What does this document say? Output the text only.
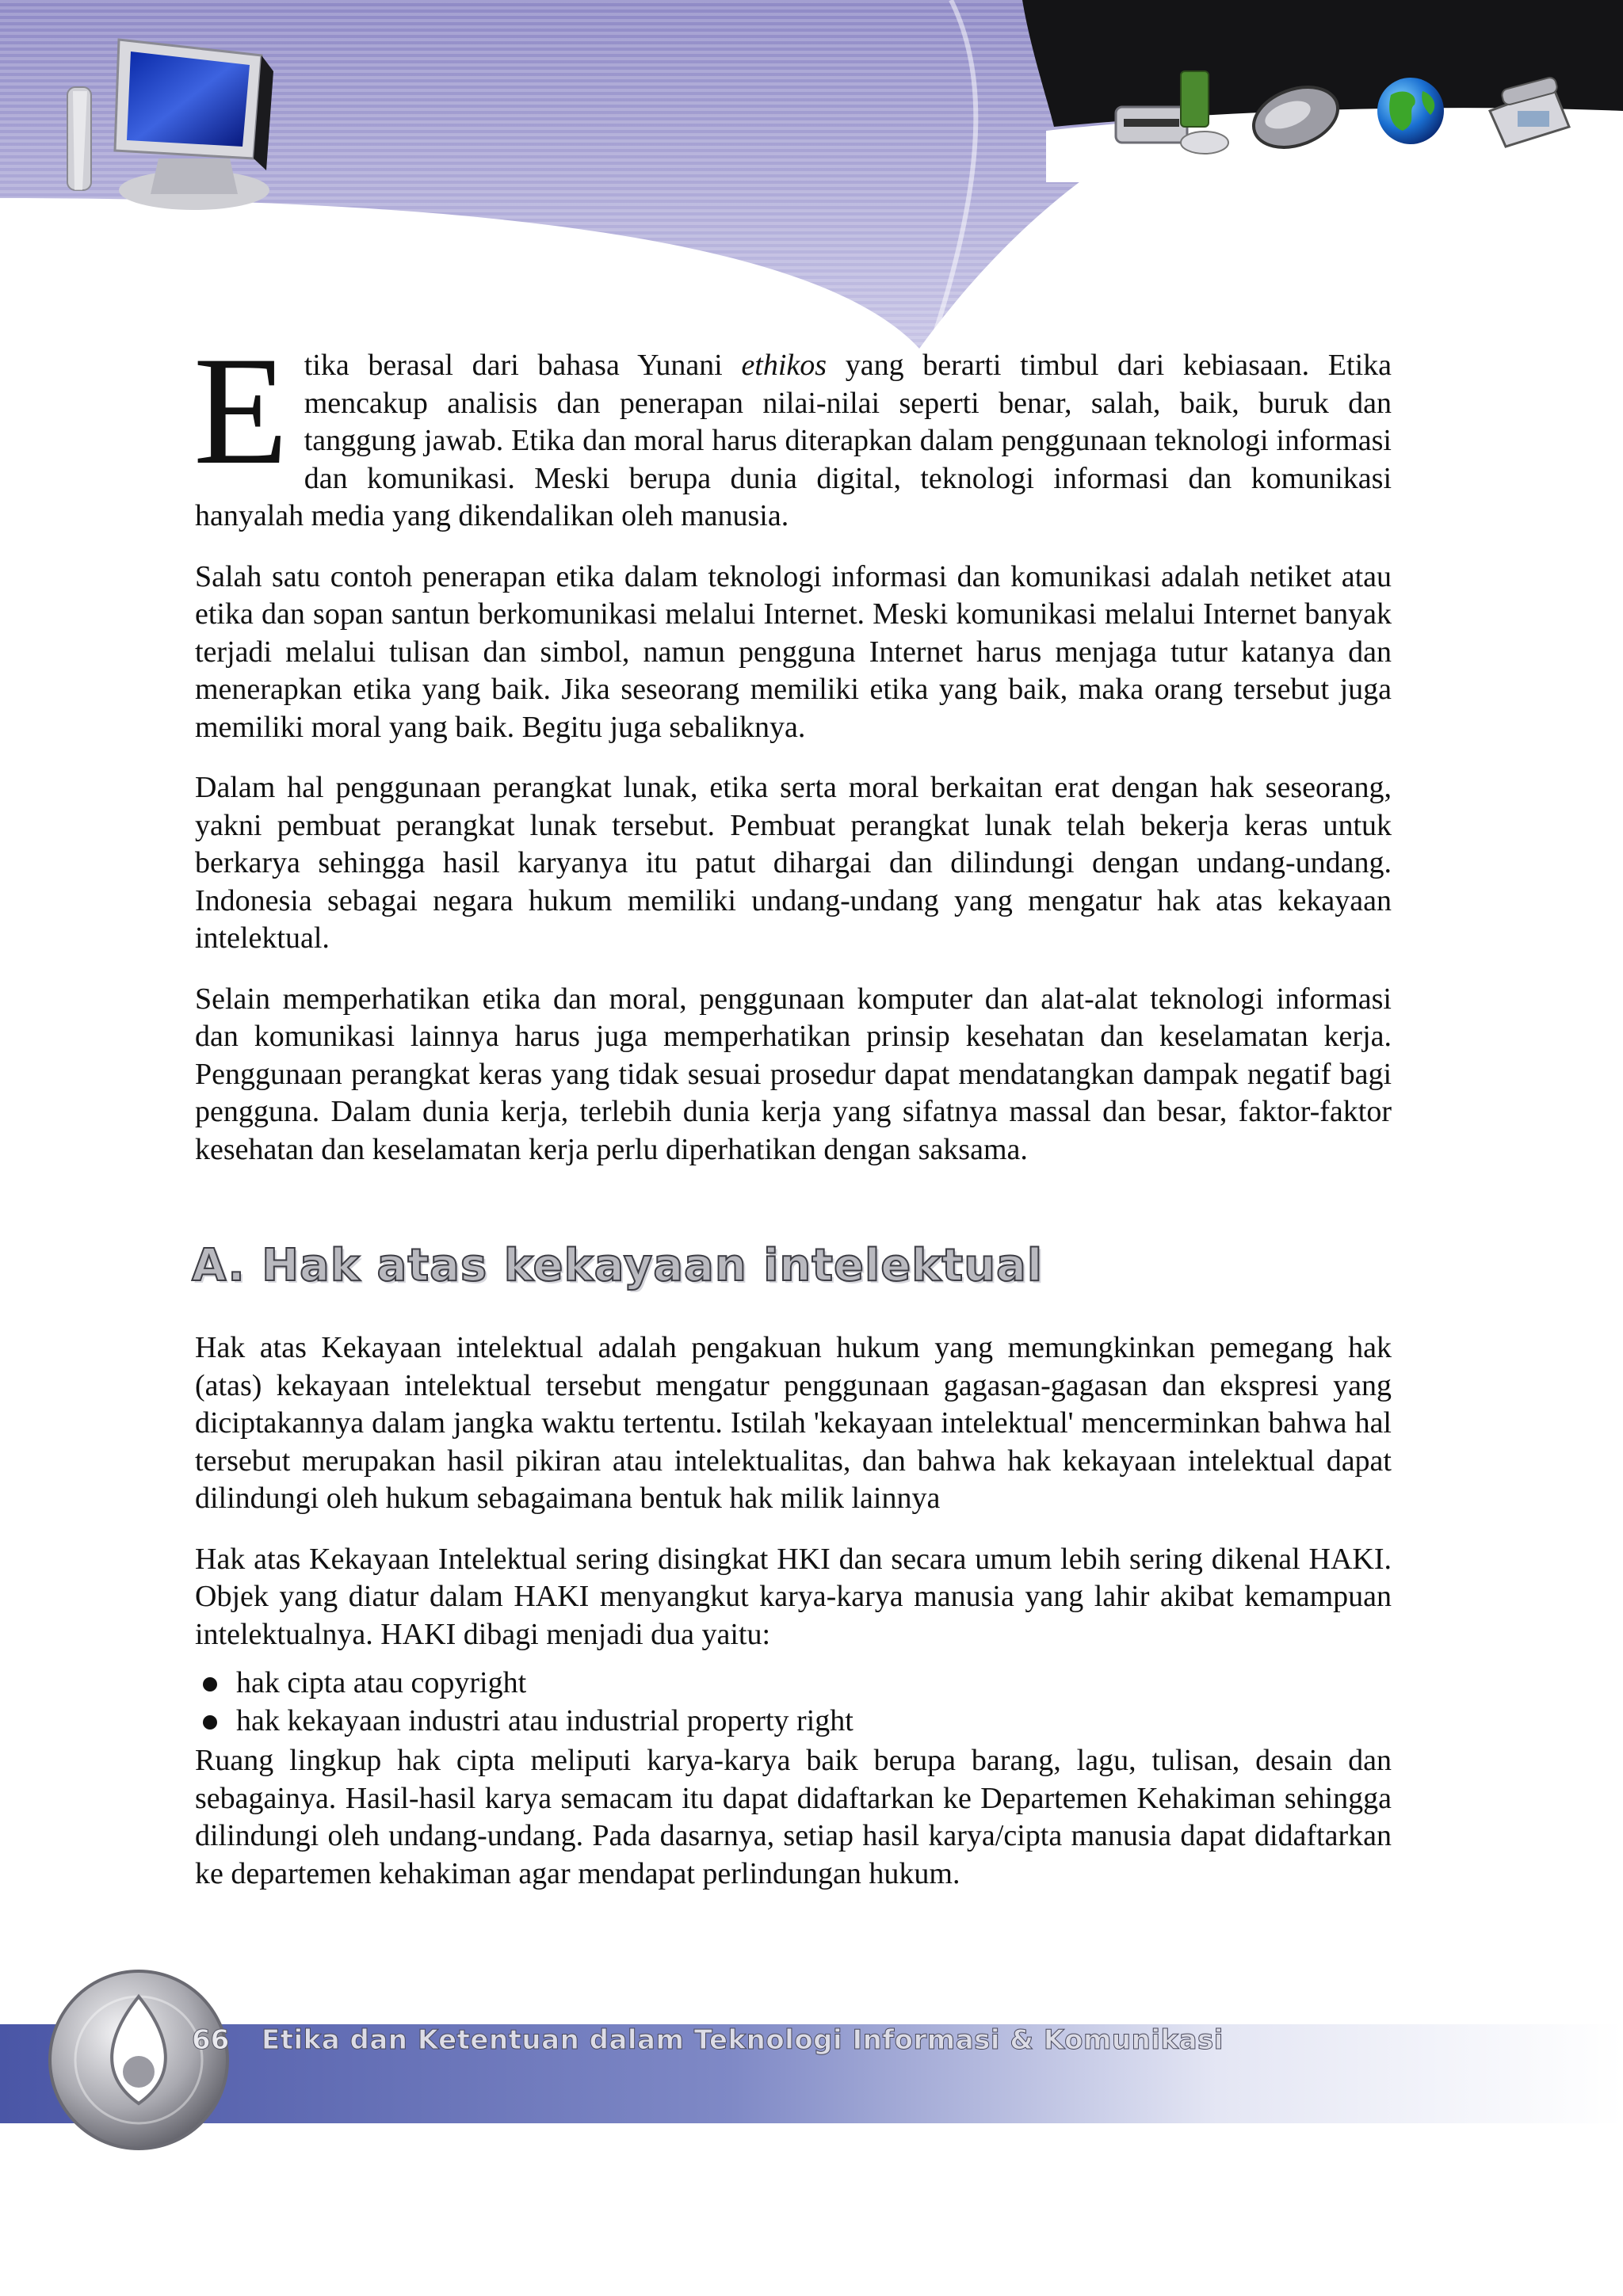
Etika berasal dari bahasa Yunani ethikos yang berarti timbul dari kebiasaan. Etika mencakup analisis dan penerapan nilai-nilai seperti benar, salah, baik, buruk dan tanggung jawab. Etika dan moral harus diterapkan dalam penggunaan teknologi informasi dan komunikasi. Meski berupa dunia digital, teknologi informasi dan komunikasi hanyalah media yang dikendalikan oleh manusia.

Salah satu contoh penerapan etika dalam teknologi informasi dan komunikasi adalah netiket atau etika dan sopan santun berkomunikasi melalui Internet. Meski komunikasi melalui Internet banyak terjadi melalui tulisan dan simbol, namun pengguna Internet harus menjaga tutur katanya dan menerapkan etika yang baik. Jika seseorang memiliki etika yang baik, maka orang tersebut juga memiliki moral yang baik. Begitu juga sebaliknya.

Dalam hal penggunaan perangkat lunak, etika serta moral berkaitan erat dengan hak seseorang, yakni pembuat perangkat lunak tersebut. Pembuat perangkat lunak telah bekerja keras untuk berkarya sehingga hasil karyanya itu patut dihargai dan dilindungi dengan undang-undang. Indonesia sebagai negara hukum memiliki undang-undang yang mengatur hak atas kekayaan intelektual.

Selain memperhatikan etika dan moral, penggunaan komputer dan alat-alat teknologi informasi dan komunikasi lainnya harus juga memperhatikan prinsip kesehatan dan keselamatan kerja. Penggunaan perangkat keras yang tidak sesuai prosedur dapat mendatangkan dampak negatif bagi pengguna. Dalam dunia kerja, terlebih dunia kerja yang sifatnya massal dan besar, faktor-faktor kesehatan dan keselamatan kerja perlu diperhatikan dengan saksama.

A. Hak atas kekayaan intelektual

Hak atas Kekayaan intelektual adalah pengakuan hukum yang memungkinkan pemegang hak (atas) kekayaan intelektual tersebut mengatur penggunaan gagasan-gagasan dan ekspresi yang diciptakannya dalam jangka waktu tertentu. Istilah 'kekayaan intelektual' mencerminkan bahwa hal tersebut merupakan hasil pikiran atau intelektualitas, dan bahwa hak kekayaan intelektual dapat dilindungi oleh hukum sebagaimana bentuk hak milik lainnya

Hak atas Kekayaan Intelektual sering disingkat HKI dan secara umum lebih sering dikenal HAKI. Objek yang diatur dalam HAKI menyangkut karya-karya manusia yang lahir akibat kemampuan intelektualnya. HAKI dibagi menjadi dua yaitu:

hak cipta atau copyright
hak kekayaan industri atau industrial property right

Ruang lingkup hak cipta meliputi karya-karya baik berupa barang, lagu, tulisan, desain dan sebagainya. Hasil-hasil karya semacam itu dapat didaftarkan ke Departemen Kehakiman sehingga dilindungi oleh undang-undang. Pada dasarnya, setiap hasil karya/cipta manusia dapat didaftarkan ke departemen kehakiman agar mendapat perlindungan hukum.

66 Etika dan Ketentuan dalam Teknologi Informasi & Komunikasi
